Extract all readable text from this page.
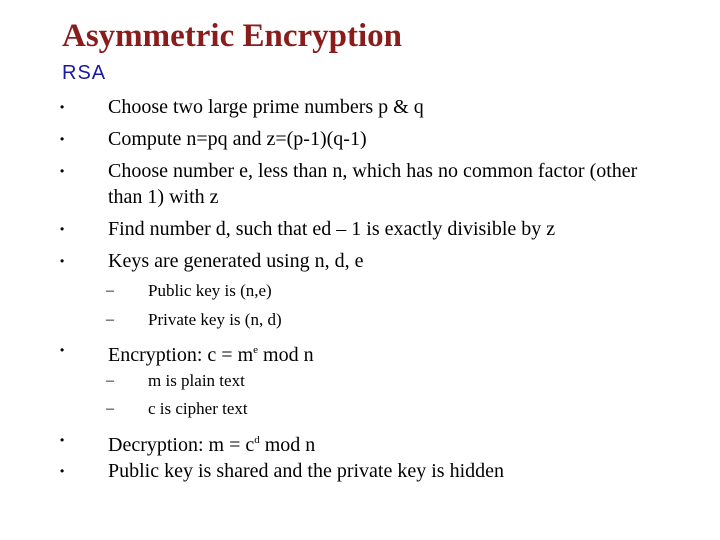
Asymmetric Encryption
RSA
• Choose two large prime numbers p & q
• Compute n=pq and z=(p-1)(q-1)
• Choose number e, less than n, which has no common factor (other
than 1) with z
• Find number d, such that ed – 1 is exactly divisible by z
• Keys are generated using n, d, e
– Public key is (n,e)
– Private key is (n, d)
• Encryption: $c = m^e$ mod n
– m is plain text
– c is cipher text
• Decryption: $m = c^d$ mod n
• Public key is shared and the private key is hidden
